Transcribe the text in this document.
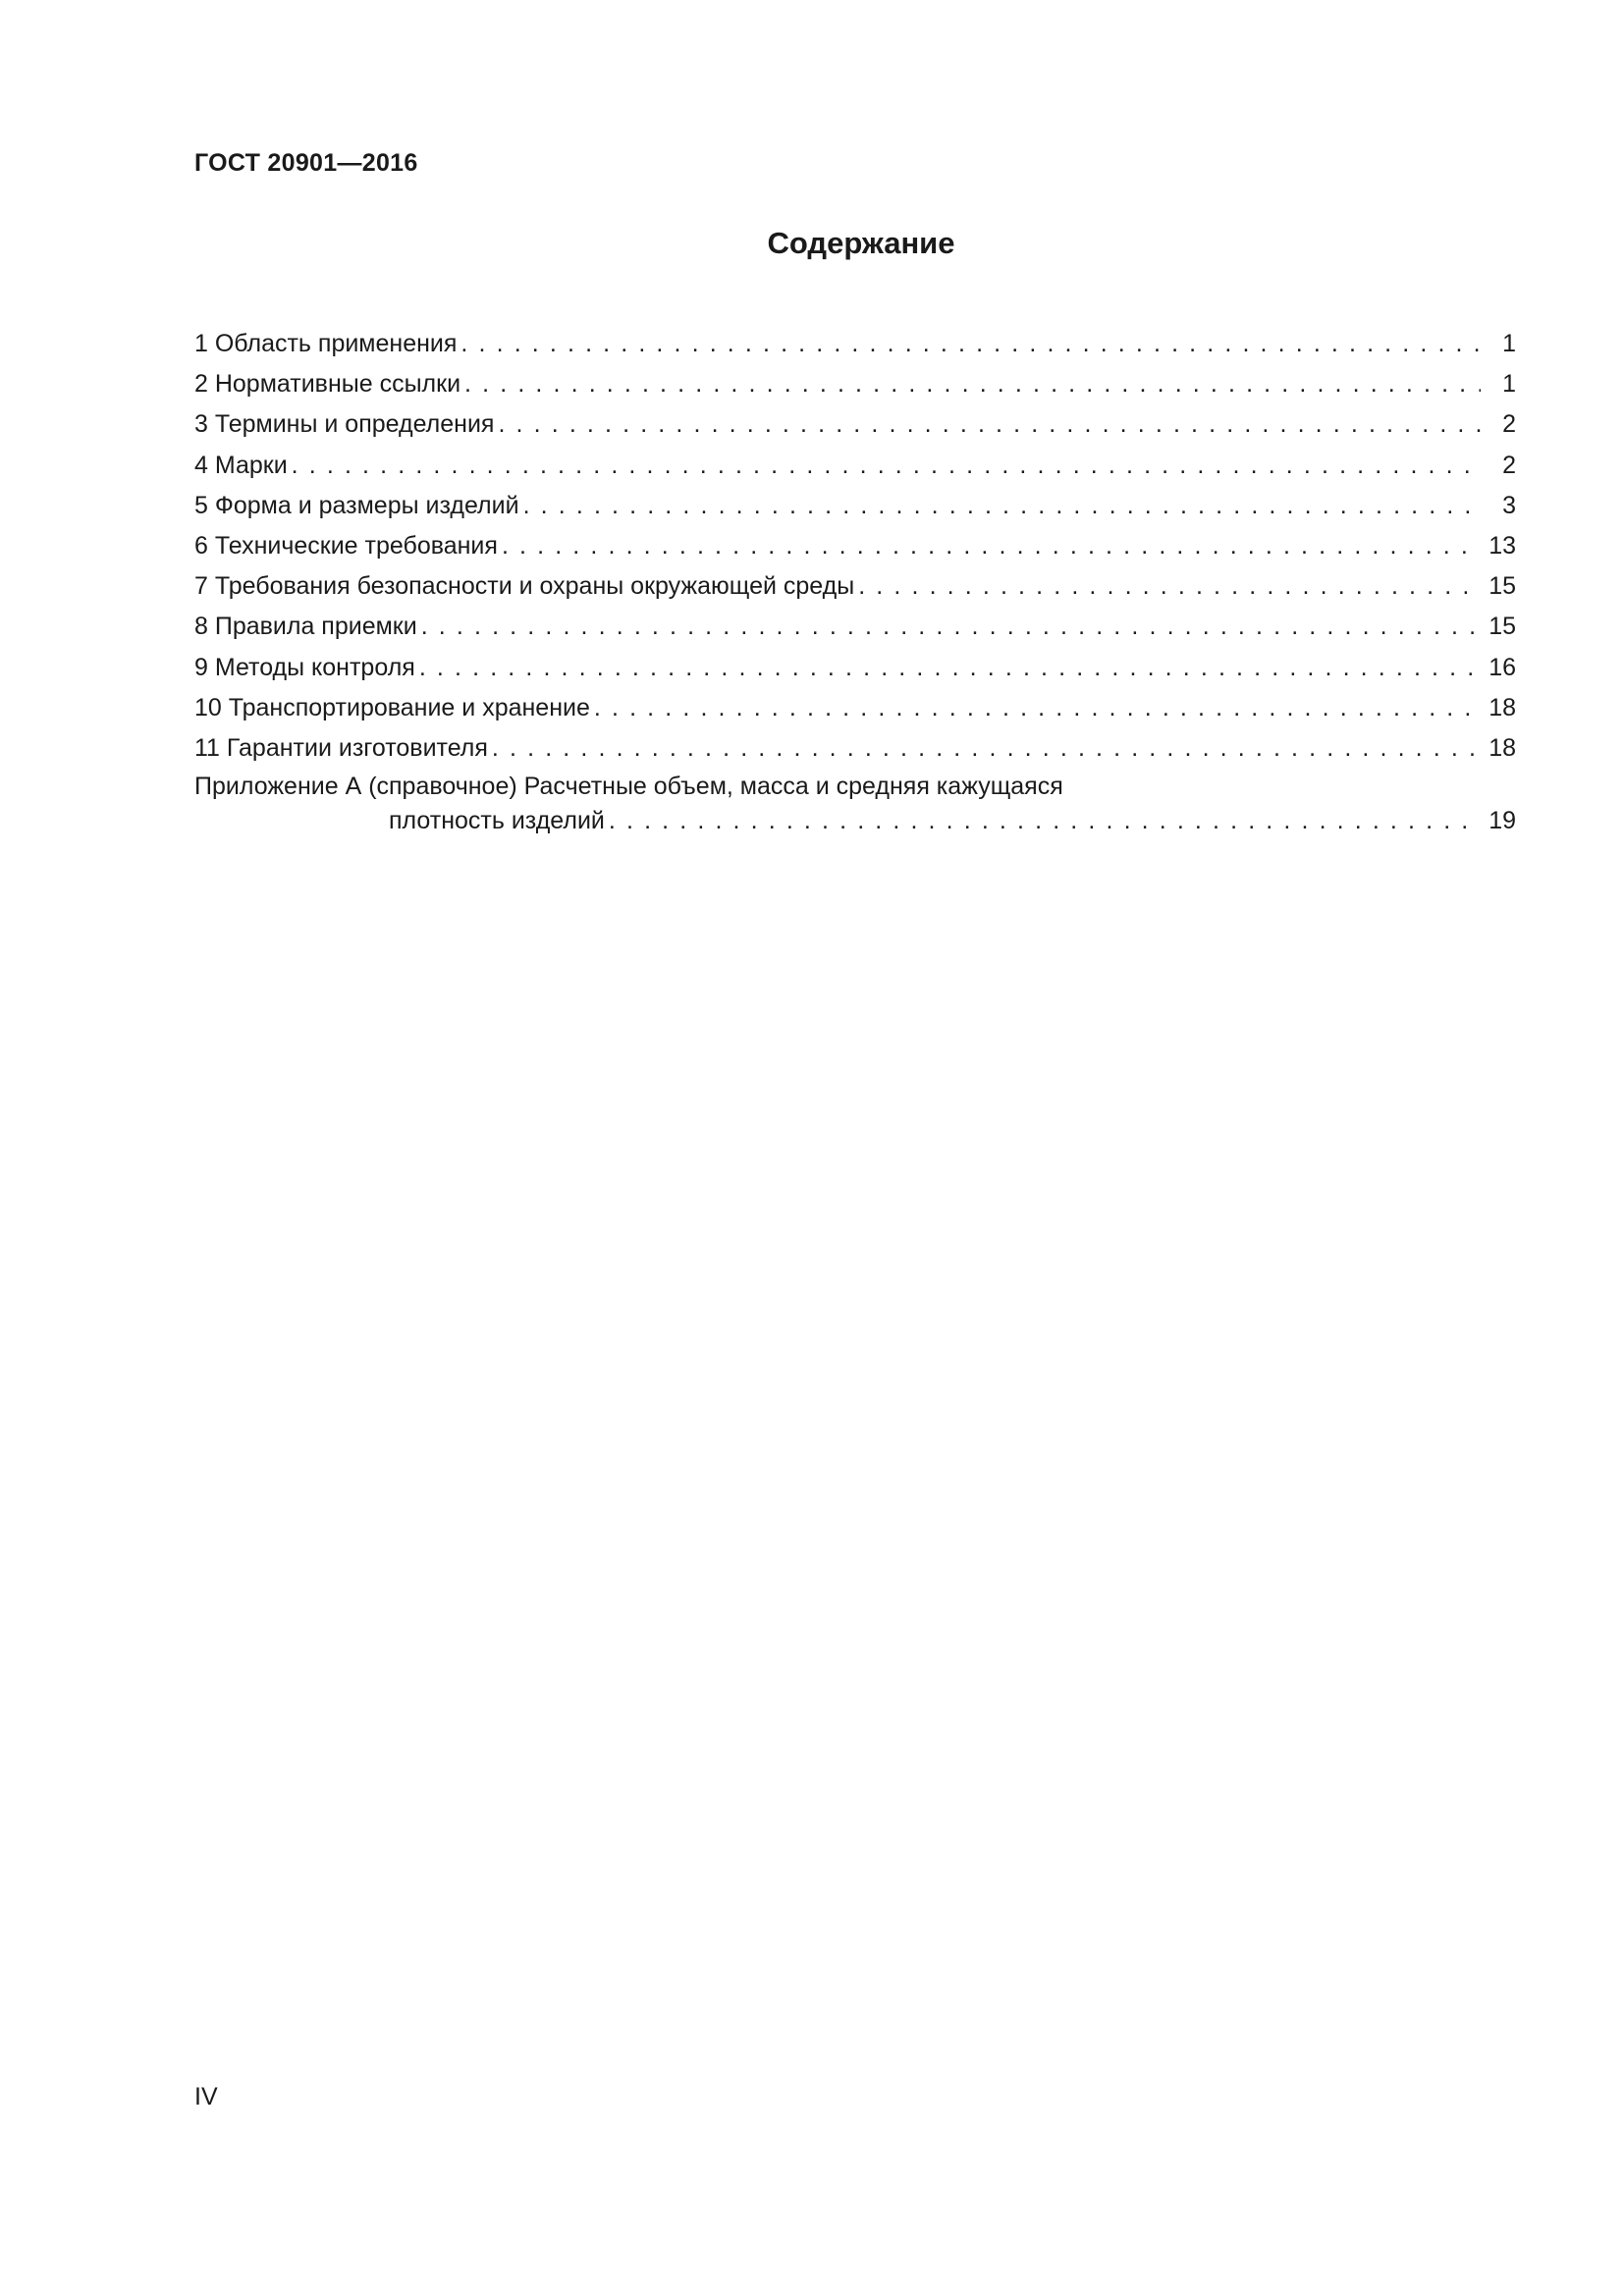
ГОСТ 20901—2016
Содержание
1 Область применения . . .	1
2 Нормативные ссылки . . .	1
3 Термины и определения . . .	2
4 Марки . . .	2
5 Форма и размеры изделий . . .	3
6 Технические требования . . .	13
7 Требования безопасности и охраны окружающей среды . . .	15
8 Правила приемки . . .	15
9 Методы контроля . . .	16
10 Транспортирование и хранение . . .	18
11 Гарантии изготовителя . . .	18
Приложение А (справочное) Расчетные объем, масса и средняя кажущаяся
плотность изделий . . .	19
IV
